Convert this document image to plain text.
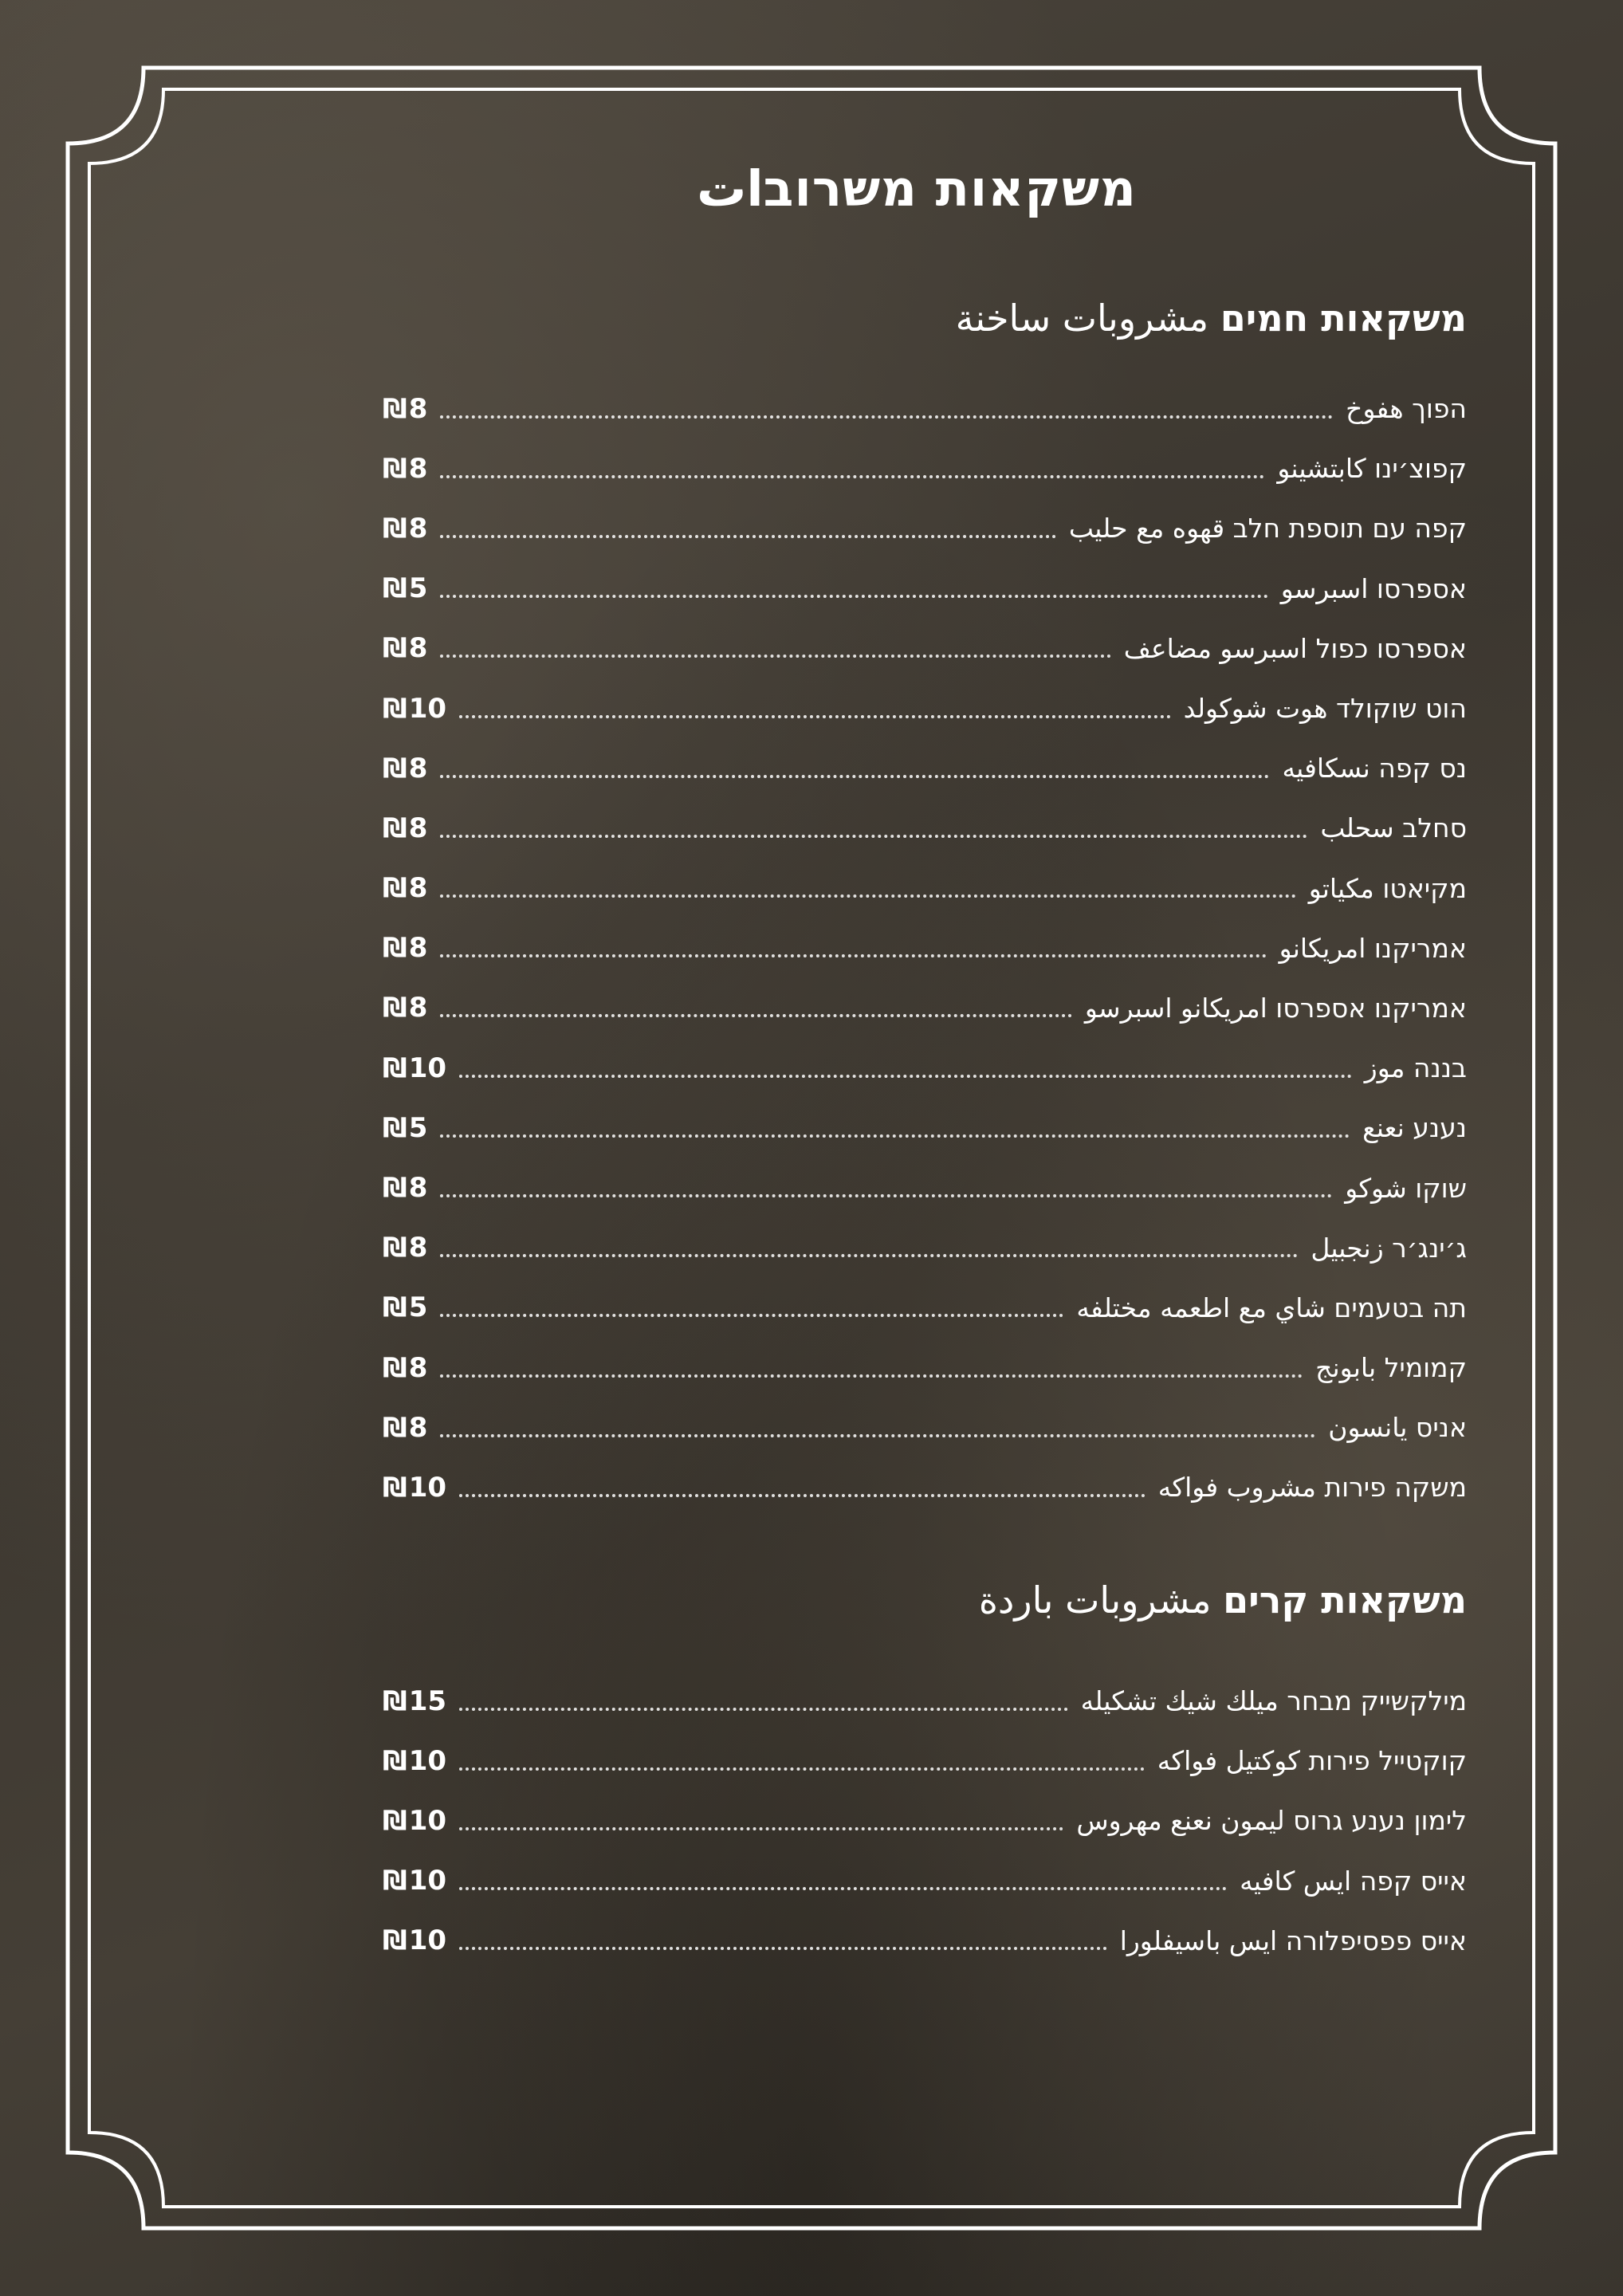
משקאות משרובات
משקאות חמים مشروبات ساخنة
הפוך هفوخ
₪8
קפוצ׳ינו كابتشينو
₪8
קפה עם תוספת חלב قهوه مع حليب
₪8
אספרסו اسبرسو
₪5
אספרסו כפול اسبرسو مضاعف
₪8
הוט שוקולד هوت شوكولد
₪10
נס קפה نسكافيه
₪8
סחלב سحلب
₪8
מקיאטו مكياتو
₪8
אמריקנו امريكانو
₪8
אמריקנו אספרסו امريكانو اسبرسو
₪8
בננה موز
₪10
נענע نعنع
₪5
שוקו شوكو
₪8
ג׳ינג׳ר زنجبيل
₪8
תה בטעמים شاي مع اطعمه مختلفه
₪5
קמומיל بابونج
₪8
אניס يانسون
₪8
משקה פירות مشروب فواكه
₪10
משקאות קרים مشروبات باردة
מילקשייק מבחר ميلك شيك تشكيله
₪15
קוקטייל פירות كوكتيل فواكه
₪10
לימון נענע גרוס ليمون نعنع مهروس
₪10
אייס קפה ايس كافيه
₪10
אייס פפסיפלורה ايس باسيفلورا
₪10
